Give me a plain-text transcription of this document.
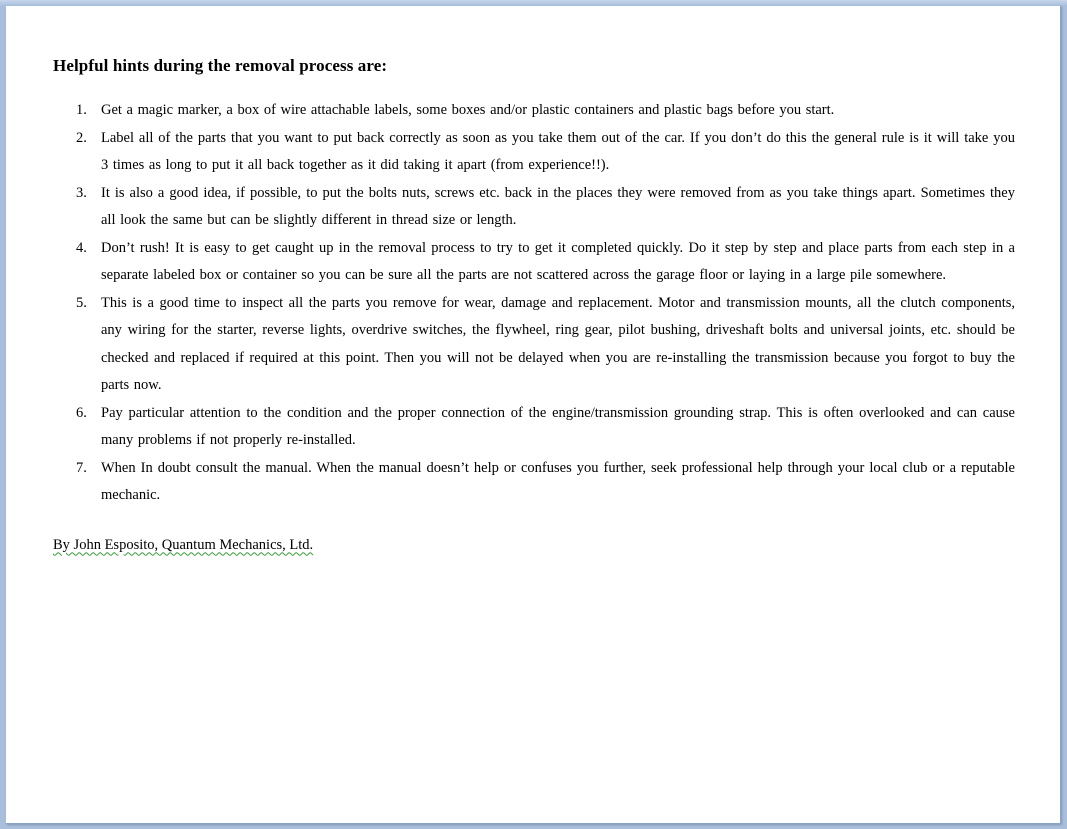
Helpful hints during the removal process are:
1. Get a magic marker, a box of wire attachable labels, some boxes and/or plastic containers and plastic bags before you start.
2. Label all of the parts that you want to put back correctly as soon as you take them out of the car. If you don’t do this the general rule is it will take you 3 times as long to put it all back together as it did taking it apart (from experience!!).
3. It is also a good idea, if possible, to put the bolts nuts, screws etc. back in the places they were removed from as you take things apart. Sometimes they all look the same but can be slightly different in thread size or length.
4. Don’t rush! It is easy to get caught up in the removal process to try to get it completed quickly. Do it step by step and place parts from each step in a separate labeled box or container so you can be sure all the parts are not scattered across the garage floor or laying in a large pile somewhere.
5. This is a good time to inspect all the parts you remove for wear, damage and replacement. Motor and transmission mounts, all the clutch components, any wiring for the starter, reverse lights, overdrive switches, the flywheel, ring gear, pilot bushing, driveshaft bolts and universal joints, etc. should be checked and replaced if required at this point. Then you will not be delayed when you are re-installing the transmission because you forgot to buy the parts now.
6. Pay particular attention to the condition and the proper connection of the engine/transmission grounding strap. This is often overlooked and can cause many problems if not properly re-installed.
7. When In doubt consult the manual. When the manual doesn’t help or confuses you further, seek professional help through your local club or a reputable mechanic.
By John Esposito, Quantum Mechanics, Ltd.
